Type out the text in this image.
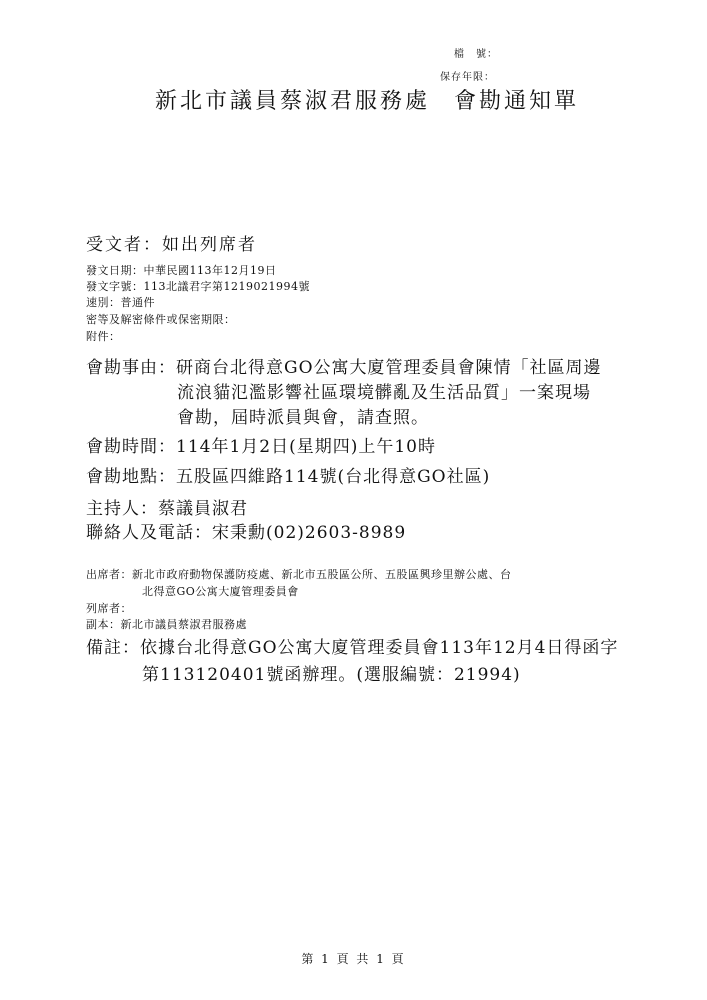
檔　號：
保存年限：
新北市議員蔡淑君服務處 會勘通知單
受文者：如出列席者
發文日期：中華民國113年12月19日
發文字號：113北議君字第1219021994號
速別：普通件
密等及解密條件或保密期限：
附件：
會勘事由：研商台北得意GO公寓大廈管理委員會陳情「社區周邊
流浪貓氾濫影響社區環境髒亂及生活品質」一案現場
會勘，屆時派員與會，請查照。
會勘時間：114年1月2日(星期四)上午10時
會勘地點：五股區四維路114號(台北得意GO社區)
主持人：蔡議員淑君
聯絡人及電話：宋秉勳(02)2603-8989
出席者：新北市政府動物保護防疫處、新北市五股區公所、五股區興珍里辦公處、台
北得意GO公寓大廈管理委員會
列席者：
副本：新北市議員蔡淑君服務處
備註：依據台北得意GO公寓大廈管理委員會113年12月4日得函字
第113120401號函辦理。(選服編號：21994)
第 1 頁 共 1 頁
